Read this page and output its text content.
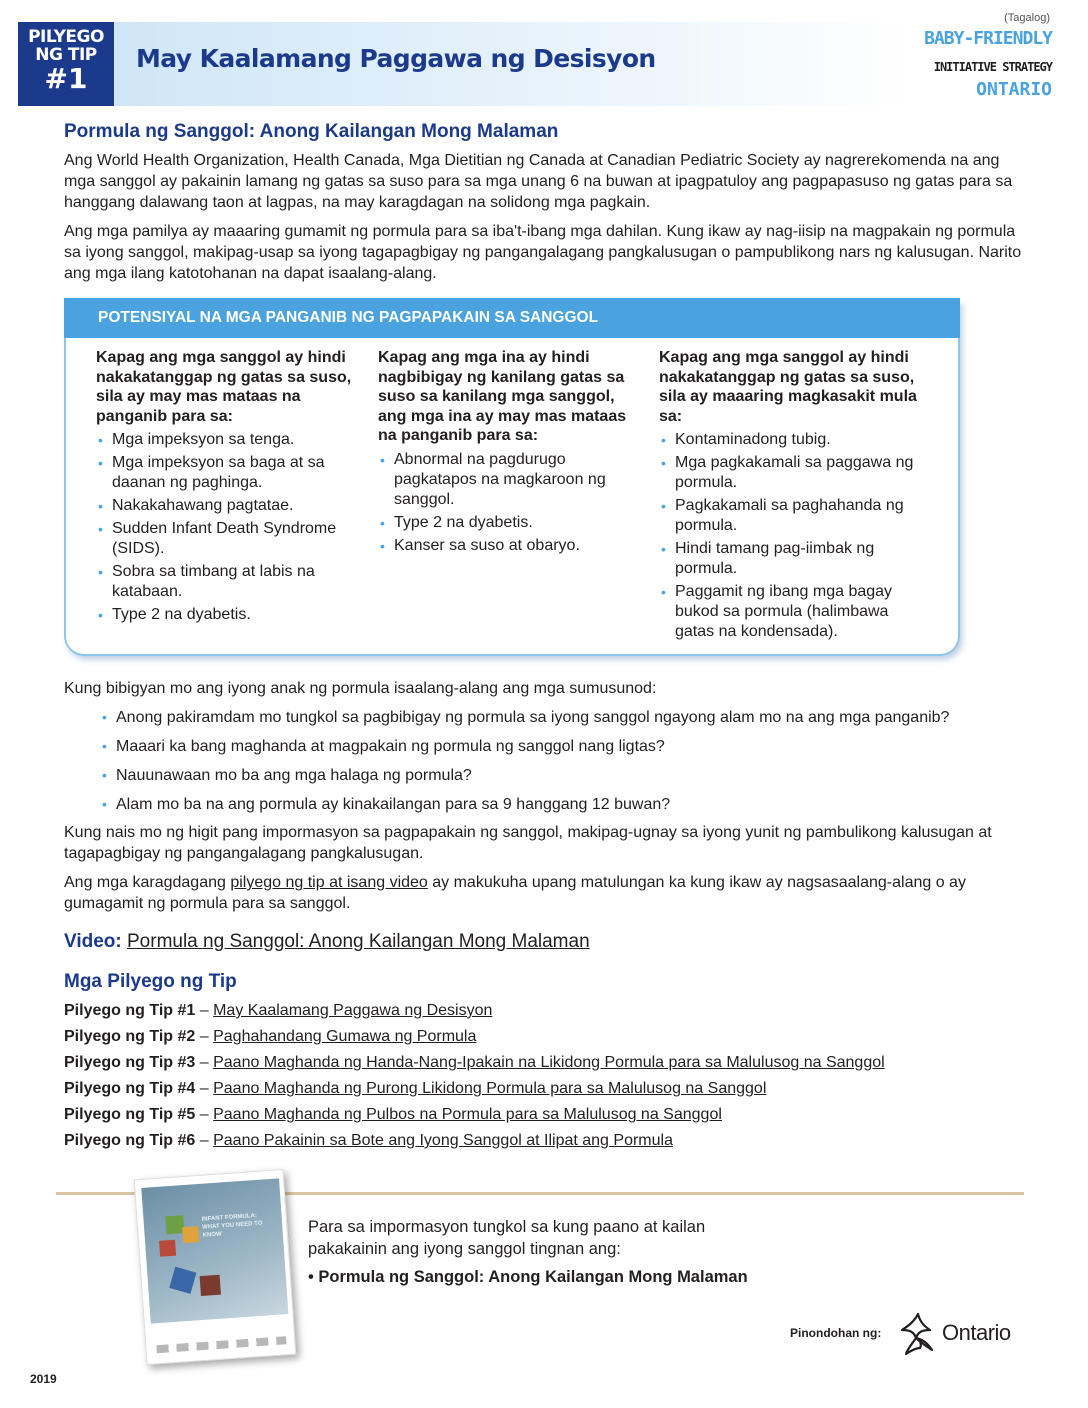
PILYEGO
NG TIP
#1
May Kaalamang Paggawa ng Desisyon
(Tagalog)
BABY-FRIENDLY
INITIATIVE STRATEGY
ONTARIO
Pormula ng Sanggol: Anong Kailangan Mong Malaman

Ang World Health Organization, Health Canada, Mga Dietitian ng Canada at Canadian Pediatric Society ay nagrerekomenda na ang mga sanggol ay pakainin lamang ng gatas sa suso para sa mga unang 6 na buwan at ipagpatuloy ang pagpapasuso ng gatas para sa hanggang dalawang taon at lagpas, na may karagdagan na solidong mga pagkain.

Ang mga pamilya ay maaaring gumamit ng pormula para sa iba't-ibang mga dahilan. Kung ikaw ay nag-iisip na magpakain ng pormula sa iyong sanggol, makipag-usap sa iyong tagapagbigay ng pangangalagang pangkalusugan o pampublikong nars ng kalusugan. Narito ang mga ilang katotohanan na dapat isaalang-alang.

POTENSIYAL NA MGA PANGANIB NG PAGPAPAKAIN SA SANGGOL
Kapag ang mga sanggol ay hindi nakakatanggap ng gatas sa suso, sila ay may mas mataas na panganib para sa:
• Mga impeksyon sa tenga.
• Mga impeksyon sa baga at sa daanan ng paghinga.
• Nakakahawang pagtatae.
• Sudden Infant Death Syndrome (SIDS).
• Sobra sa timbang at labis na katabaan.
• Type 2 na dyabetis.
Kapag ang mga ina ay hindi nagbibigay ng kanilang gatas sa suso sa kanilang mga sanggol, ang mga ina ay may mas mataas na panganib para sa:
• Abnormal na pagdurugo pagkatapos na magkaroon ng sanggol.
• Type 2 na dyabetis.
• Kanser sa suso at obaryo.
Kapag ang mga sanggol ay hindi nakakatanggap ng gatas sa suso, sila ay maaaring magkasakit mula sa:
• Kontaminadong tubig.
• Mga pagkakamali sa paggawa ng pormula.
• Pagkakamali sa paghahanda ng pormula.
• Hindi tamang pag-iimbak ng pormula.
• Paggamit ng ibang mga bagay bukod sa pormula (halimbawa gatas na kondensada).
Kung bibigyan mo ang iyong anak ng pormula isaalang-alang ang mga sumusunod:
• Anong pakiramdam mo tungkol sa pagbibigay ng pormula sa iyong sanggol ngayong alam mo na ang mga panganib?
• Maaari ka bang maghanda at magpakain ng pormula ng sanggol nang ligtas?
• Nauunawaan mo ba ang mga halaga ng pormula?
• Alam mo ba na ang pormula ay kinakailangan para sa 9 hanggang 12 buwan?

Kung nais mo ng higit pang impormasyon sa pagpapakain ng sanggol, makipag-ugnay sa iyong yunit ng pambulikong kalusugan at tagapagbigay ng pangangalagang pangkalusugan.

Ang mga karagdagang pilyego ng tip at isang video ay makukuha upang matulungan ka kung ikaw ay nagsasaalang-alang o ay gumagamit ng pormula para sa sanggol.

Video: Pormula ng Sanggol: Anong Kailangan Mong Malaman
Mga Pilyego ng Tip
Pilyego ng Tip #1 – May Kaalamang Paggawa ng Desisyon
Pilyego ng Tip #2 – Paghahandang Gumawa ng Pormula
Pilyego ng Tip #3 – Paano Maghanda ng Handa-Nang-Ipakain na Likidong Pormula para sa Malulusog na Sanggol
Pilyego ng Tip #4 – Paano Maghanda ng Purong Likidong Pormula para sa Malulusog na Sanggol
Pilyego ng Tip #5 – Paano Maghanda ng Pulbos na Pormula para sa Malulusog na Sanggol
Pilyego ng Tip #6 – Paano Pakainin sa Bote ang Iyong Sanggol at Ilipat ang Pormula
INFANT FORMULA: WHAT YOU NEED TO KNOW	Para sa impormasyon tungkol sa kung paano at kailan pakakainin ang iyong sanggol tingnan ang:
• Pormula ng Sanggol: Anong Kailangan Mong Malaman
Pinondohan ng:	Ontario
2019
